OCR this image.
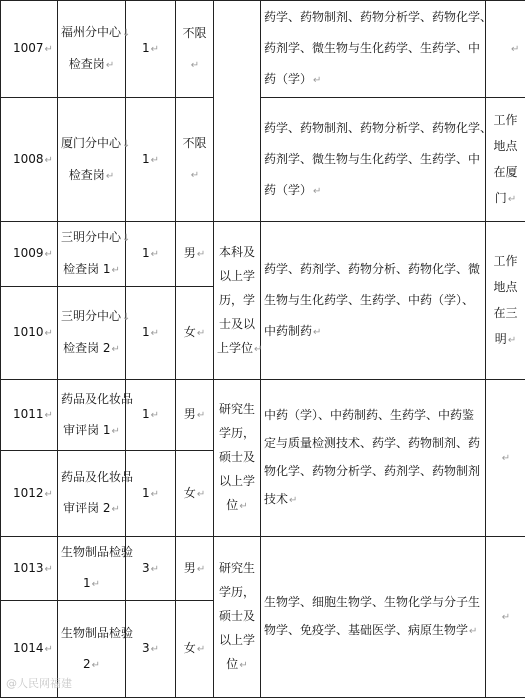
1007↵	福州分中心↓
检查岗↵	1↵	不限↵		药学、药物制剂、药物分析学、药物化学、
药剂学、微生物与生化药学、生药学、中
药（学）↵	↵
1008↵	厦门分中心↓
检查岗↵	1↵	不限↵		药学、药物制剂、药物分析学、药物化学、
药剂学、微生物与生化药学、生药学、中
药（学）↵	工作
地点
在厦
门↵

1009↵	三明分中心↓
检查岗 1↵	1↵	男↵	本科及
以上学
历，学
士及以
上学位↵	药学、药剂学、药物分析、药物化学、微
生物与生化药学、生药学、中药（学）、
中药制药↵	工作
地点
在三
明↵

1010↵	三明分中心↓
检查岗 2↵	1↵	女↵			
1011↵	药品及化妆品
审评岗 1↵	1↵	男↵	研究生
学历，
硕士及
以上学
位↵	中药（学）、中药制药、生药学、中药鉴
定与质量检测技术、药学、药物制剂、药
物化学、药物分析学、药剂学、药物制剂
技术↵	↵
1012↵	药品及化妆品
审评岗 2↵	1↵	女↵			
1013↵	生物制品检验
1↵	3↵	男↵	研究生
学历，
硕士及
以上学
位↵	生物学、细胞生物学、生物化学与分子生
物学、免疫学、基础医学、病原生物学↵	↵
1014↵	生物制品检验
2↵	3↵	女↵			
@人民网福建
